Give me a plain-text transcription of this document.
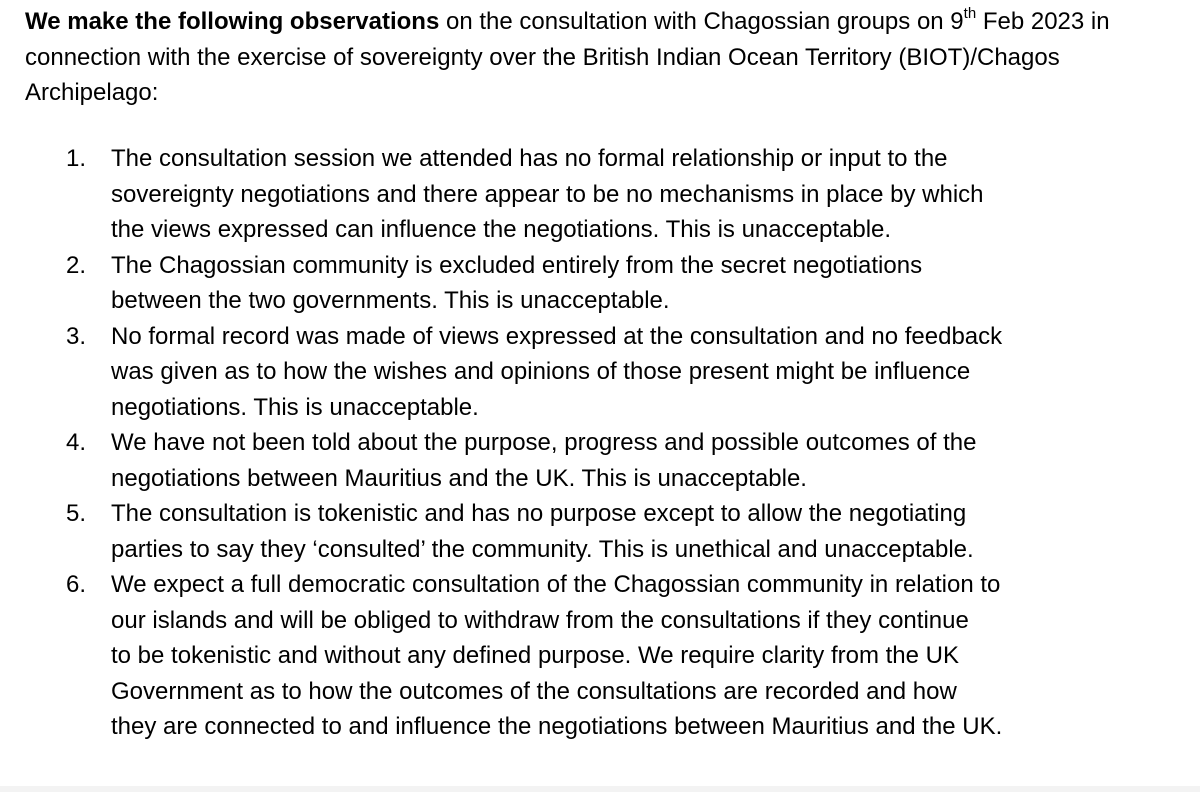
We make the following observations on the consultation with Chagossian groups on 9th Feb 2023 in connection with the exercise of sovereignty over the British Indian Ocean Territory (BIOT)/Chagos Archipelago:

1. The consultation session we attended has no formal relationship or input to the
sovereignty negotiations and there appear to be no mechanisms in place by which
the views expressed can influence the negotiations. This is unacceptable.
2. The Chagossian community is excluded entirely from the secret negotiations
between the two governments. This is unacceptable.
3. No formal record was made of views expressed at the consultation and no feedback
was given as to how the wishes and opinions of those present might be influence
negotiations. This is unacceptable.
4. We have not been told about the purpose, progress and possible outcomes of the
negotiations between Mauritius and the UK. This is unacceptable.
5. The consultation is tokenistic and has no purpose except to allow the negotiating
parties to say they ‘consulted’ the community. This is unethical and unacceptable.
6. We expect a full democratic consultation of the Chagossian community in relation to
our islands and will be obliged to withdraw from the consultations if they continue
to be tokenistic and without any defined purpose. We require clarity from the UK
Government as to how the outcomes of the consultations are recorded and how
they are connected to and influence the negotiations between Mauritius and the UK.
